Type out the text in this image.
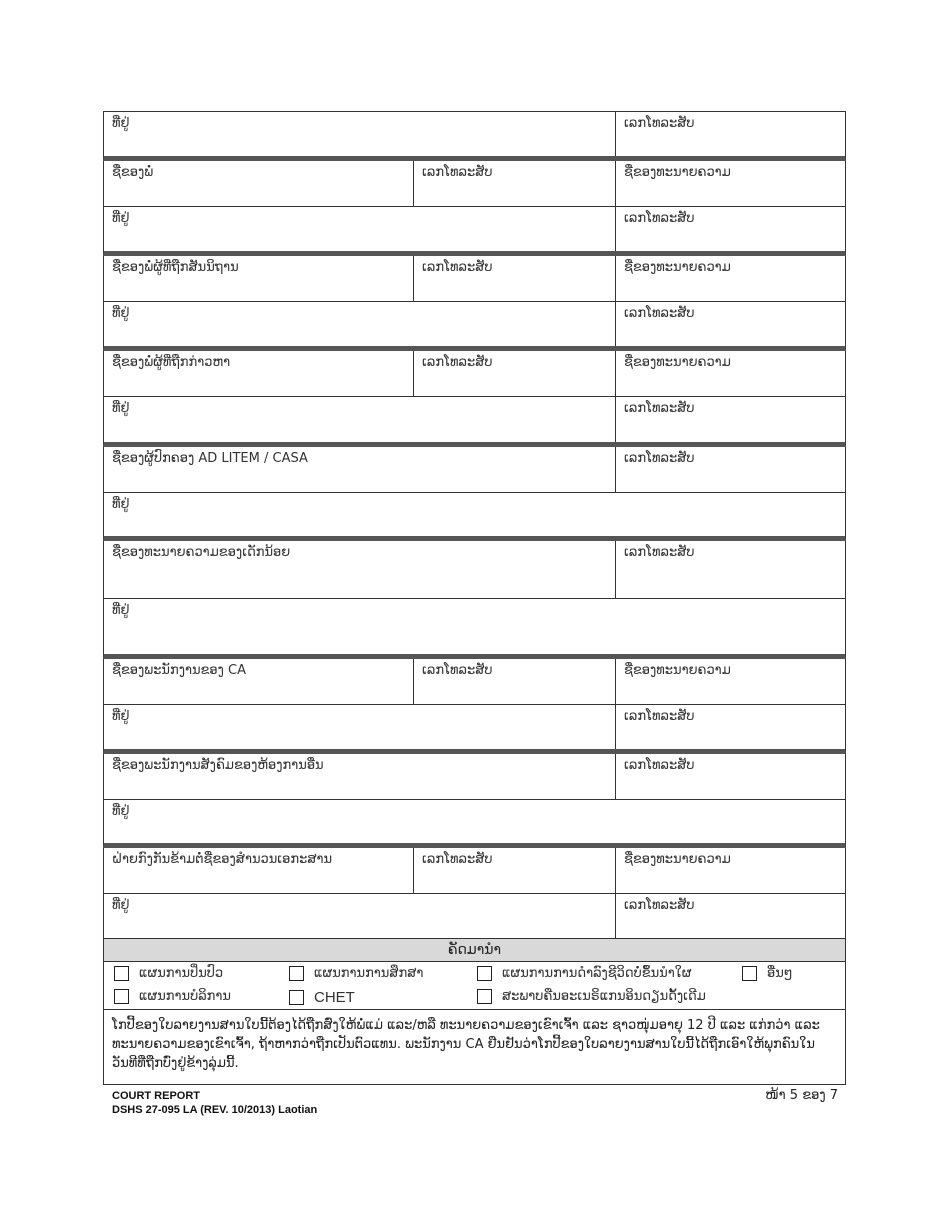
ທີ່ຢູ່	ເລກໂທລະສັບ
ຊື່ຂອງພໍ່	ເລກໂທລະສັບ	ຊື່ຂອງທະນາຍຄວາມ
ທີ່ຢູ່	ເລກໂທລະສັບ
ຊື່ຂອງພໍ່ຜູ້ທີ່ຖືກສັນນິຖານ	ເລກໂທລະສັບ	ຊື່ຂອງທະນາຍຄວາມ
ທີ່ຢູ່	ເລກໂທລະສັບ
ຊື່ຂອງພໍ່ຜູ້ທີ່ຖືກກ່າວຫາ	ເລກໂທລະສັບ	ຊື່ຂອງທະນາຍຄວາມ
ທີ່ຢູ່	ເລກໂທລະສັບ
ຊື່ຂອງຜູ້ປົກຄອງ AD LITEM / CASA	ເລກໂທລະສັບ
ທີ່ຢູ່
ຊື່ຂອງທະນາຍຄວາມຂອງເດັກນ້ອຍ	ເລກໂທລະສັບ
ທີ່ຢູ່
ຊື່ຂອງພະນັກງານຂອງ CA	ເລກໂທລະສັບ	ຊື່ຂອງທະນາຍຄວາມ
ທີ່ຢູ່	ເລກໂທລະສັບ
ຊື່ຂອງພະນັກງານສັງຄົມຂອງຫ້ອງການອື່ນ	ເລກໂທລະສັບ
ທີ່ຢູ່
ຝ່າຍກົງກັນຂ້າມຕໍ່ຊື່ຂອງສຳນວນເອກະສານ	ເລກໂທລະສັບ	ຊື່ຂອງທະນາຍຄວາມ
ທີ່ຢູ່	ເລກໂທລະສັບ
ຄັດມານຳ
ແຜນການປິ່ນປົວ	ແຜນການການສຶກສາ	ແຜນການການດຳລົງຊີວິດບໍ່ຂຶ້ນນຳໃຜ	ອື່ນໆ
ແຜນການບໍລິການ	CHET	ສະພາບຄືນອະເນຣິແກນອິນດຽນດັ້ງເດີມ
ໂກປີ້ຂອງໃບລາຍງານສານໃບນີ້ຕ້ອງໄດ້ຖືກສົ່ງໃຫ້ພໍ່ແມ່ ແລະ/ຫລື ທະນາຍຄວາມຂອງເຂົາເຈົ້າ ແລະ ຊາວໜຸ່ມອາຍຸ 12 ປີ ແລະ ແກ່ກວ່າ ແລະ ທະນາຍຄວາມຂອງເຂົາເຈົ້າ, ຖ້າຫາກວ່າຖືກເປັນຕົວແທນ. ພະນັກງານ CA ຢືນຢັນວ່າໂກປີ້ຂອງໃບລາຍງານສານໃບນີ້ໄດ້ຖືກເອົາໃຫ້ພຸກຄົນໃນ ວັນທີທີ່ຖືກບົ່ງຢູ່ຂ້າງລຸ່ມນີ້.
COURT REPORT
DSHS 27-095 LA (REV. 10/2013) Laotian
ໜ້າ 5 ຂອງ 7
